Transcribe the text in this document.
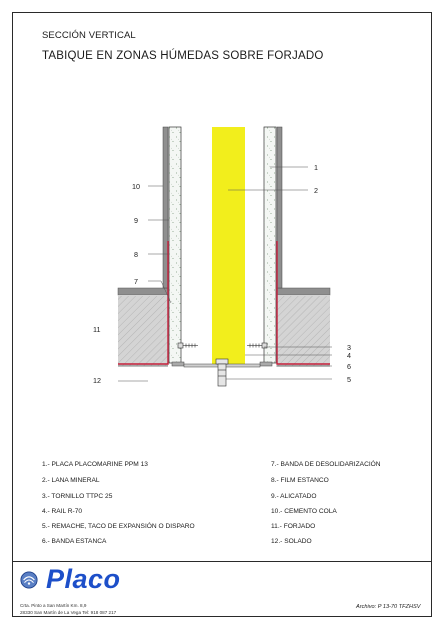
SECCIÓN VERTICAL
TABIQUE EN ZONAS HÚMEDAS SOBRE FORJADO
10
9
8
7
11
12
1
2
3
4
6
5
1.- PLACA PLACOMARINE PPM 13
2.- LANA MINERAL
3.- TORNILLO TTPC 25
4.- RAIL R-70
5.- REMACHE, TACO DE EXPANSIÓN O DISPARO
6.- BANDA ESTANCA
7.- BANDA DE DESOLIDARIZACIÓN
8.- FILM ESTANCO
9.- ALICATADO
10.- CEMENTO COLA
11.- FORJADO
12.- SOLADO
Placo
Crta. Pinto a San Martín Km. 8,9
28330 San Martín de La Vega Tel: 918 087 217
Archivo: P 13-70 TFZHSV
